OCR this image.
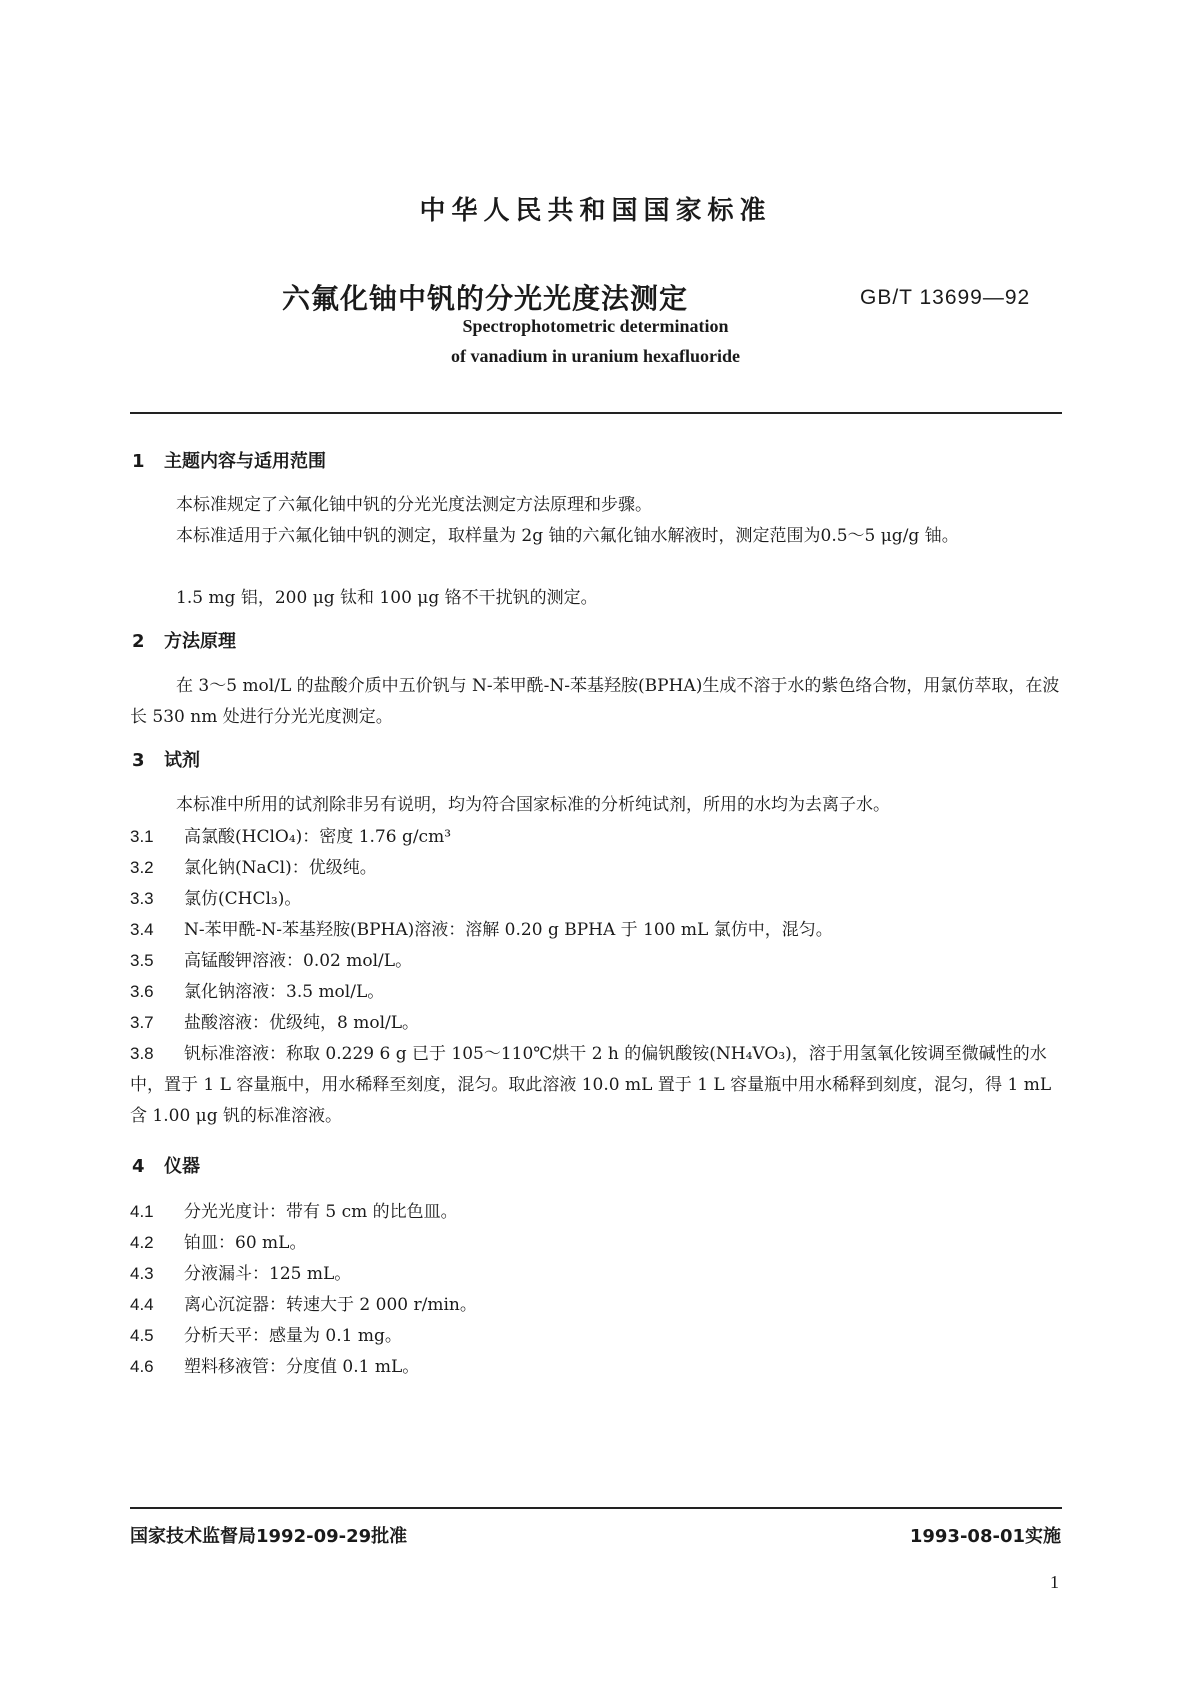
中华人民共和国国家标准
六氟化铀中钒的分光光度法测定	GB/T 13699—92
Spectrophotometric determination
of vanadium in uranium hexafluoride
1 主题内容与适用范围
本标准规定了六氟化铀中钒的分光光度法测定方法原理和步骤。
本标准适用于六氟化铀中钒的测定，取样量为 2g 铀的六氟化铀水解液时，测定范围为0.5～5 μg/g 铀。
1.5 mg 铝，200 μg 钛和 100 μg 铬不干扰钒的测定。
2 方法原理
在 3～5 mol/L 的盐酸介质中五价钒与 N-苯甲酰-N-苯基羟胺(BPHA)生成不溶于水的紫色络合物，用氯仿萃取，在波长 530 nm 处进行分光光度测定。
3 试剂
本标准中所用的试剂除非另有说明，均为符合国家标准的分析纯试剂，所用的水均为去离子水。
3.1 高氯酸(HClO₄)：密度 1.76 g/cm³
3.2 氯化钠(NaCl)：优级纯。
3.3 氯仿(CHCl₃)。
3.4 N-苯甲酰-N-苯基羟胺(BPHA)溶液：溶解 0.20 g BPHA 于 100 mL 氯仿中，混匀。
3.5 高锰酸钾溶液：0.02 mol/L。
3.6 氯化钠溶液：3.5 mol/L。
3.7 盐酸溶液：优级纯，8 mol/L。
3.8 钒标准溶液：称取 0.229 6 g 已于 105～110℃烘干 2 h 的偏钒酸铵(NH₄VO₃)，溶于用氢氧化铵调至微碱性的水中，置于 1 L 容量瓶中，用水稀释至刻度，混匀。取此溶液 10.0 mL 置于 1 L 容量瓶中用水稀释到刻度，混匀，得 1 mL 含 1.00 μg 钒的标准溶液。
4 仪器
4.1 分光光度计：带有 5 cm 的比色皿。
4.2 铂皿：60 mL。
4.3 分液漏斗：125 mL。
4.4 离心沉淀器：转速大于 2 000 r/min。
4.5 分析天平：感量为 0.1 mg。
4.6 塑料移液管：分度值 0.1 mL。
国家技术监督局1992-09-29批准	1993-08-01实施
1
